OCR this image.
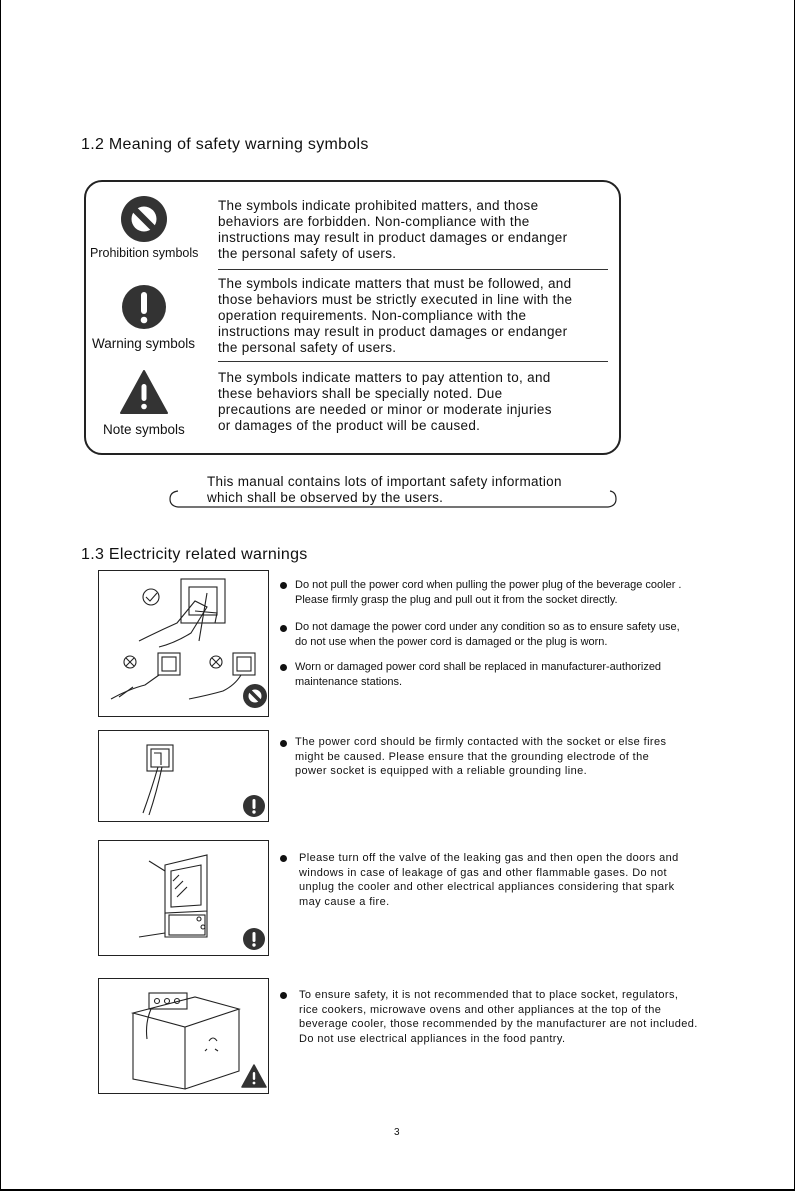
1.2 Meaning of safety warning symbols
Prohibition symbols
The symbols indicate prohibited matters, and those
behaviors are forbidden. Non-compliance with the
instructions may result in product damages or endanger
the personal safety of users.
Warning symbols
The symbols indicate matters that must be followed, and
those behaviors must be strictly executed in line with the
operation requirements. Non-compliance with the
instructions may result in product damages or endanger
the personal safety of users.
Note symbols
The symbols indicate matters to pay attention to, and
these behaviors shall be specially noted. Due
precautions are needed or minor or moderate injuries
or damages of the product will be caused.
This manual contains lots of important safety information
which shall be observed by the users.
1.3 Electricity related warnings
Do not pull the power cord when pulling the power plug of the beverage cooler .
Please firmly grasp the plug and pull out it from the socket directly.
Do not damage the power cord under any condition so as to ensure safety use,
do not use when the power cord is damaged or the plug is worn.
Worn or damaged power cord shall be replaced in manufacturer-authorized
maintenance stations.
The power cord should be firmly contacted with the socket or else fires
might be caused. Please ensure that the grounding electrode of the
power socket is equipped with a reliable grounding line.
Please turn off the valve of the leaking gas and then open the doors and
windows in case of leakage of gas and other flammable gases. Do not
unplug the cooler and other electrical appliances considering that spark
may cause a fire.
To ensure safety, it is not recommended that to place socket, regulators,
rice cookers, microwave ovens and other appliances at the top of the
beverage cooler, those recommended by the manufacturer are not included.
Do not use electrical appliances in the food pantry.
3
